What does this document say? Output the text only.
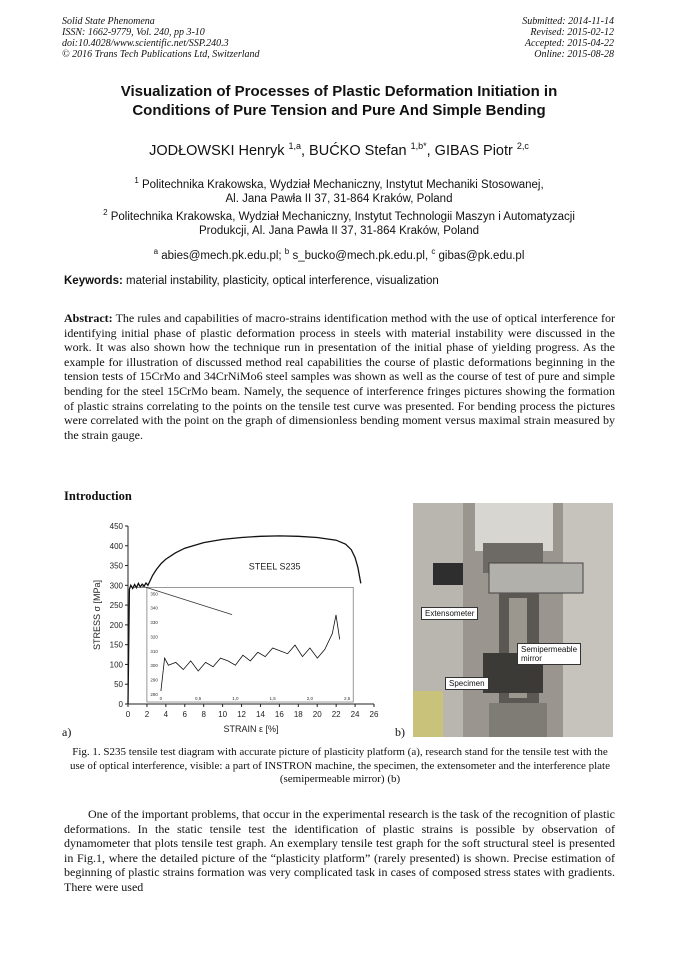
Solid State Phenomena
ISSN: 1662-9779, Vol. 240, pp 3-10
doi:10.4028/www.scientific.net/SSP.240.3
© 2016 Trans Tech Publications Ltd, Switzerland
Submitted: 2014-11-14
Revised: 2015-02-12
Accepted: 2015-04-22
Online: 2015-08-28
Visualization of Processes of Plastic Deformation Initiation in
Conditions of Pure Tension and Pure And Simple Bending
JODŁOWSKI Henryk $^{1,a}$, BUĆKO Stefan $^{1,b*}$, GIBAS Piotr $^{2,c}$
$^1$ Politechnika Krakowska, Wydział Mechaniczny, Instytut Mechaniki Stosowanej,
Al. Jana Pawła II 37, 31-864 Kraków, Poland
$^2$ Politechnika Krakowska, Wydział Mechaniczny, Instytut Technologii Maszyn i Automatyzacji
Produkcji, Al. Jana Pawła II 37, 31-864 Kraków, Poland
$^a$ abies@mech.pk.edu.pl; $^b$ s_bucko@mech.pk.edu.pl, $^c$ gibas@pk.edu.pl
Keywords: material instability, plasticity, optical interference, visualization
Abstract: The rules and capabilities of macro-strains identification method with the use of optical interference for identifying initial phase of plastic deformation process in steels with material instability were discussed in the work. It was also shown how the technique run in presentation of the initial phase of yielding progress. As the example for illustration of discussed method real capabilities the course of plastic deformations beginning in the tension tests of 15CrMo and 34CrNiMo6 steel samples was shown as well as the course of test of pure and simple bending for the steel 15CrMo beam. Namely, the sequence of interference fringes pictures showing the formation of plastic strains correlating to the points on the tensile test curve was presented. For bending process the pictures were correlated with the point on the graph of dimensionless bending moment versus maximal strain measured by the strain gauge.
Introduction
0 2 4 6 8 10 12 14 16 18 20 22 24 26
0
50
100
150
200
250
300
350
400
450
STRAIN ε [%]
STRESS σ [MPa]
STEEL S235
280
290
300
310
320
330
340
350
0	0,5	1,0	1,5	2,0	2,5
a)
Extensometer
Semipermeable
mirror
Specimen
b)
Fig. 1. S235 tensile test diagram with accurate picture of plasticity platform (a), research stand for the tensile test with the use of optical interference, visible: a part of INSTRON machine, the specimen, the extensometer and the interference plate (semipermeable mirror) (b)

One of the important problems, that occur in the experimental research is the task of the recognition of plastic deformations. In the static tensile test the identification of plastic strains is possible by observation of dynamometer that plots tensile test graph. An exemplary tensile test graph for the soft structural steel is presented in Fig.1, where the detailed picture of the “plasticity platform” (rarely presented) is shown. Precise estimation of beginning of plastic strains formation was very complicated task in cases of composed stress states with gradients. There were used
